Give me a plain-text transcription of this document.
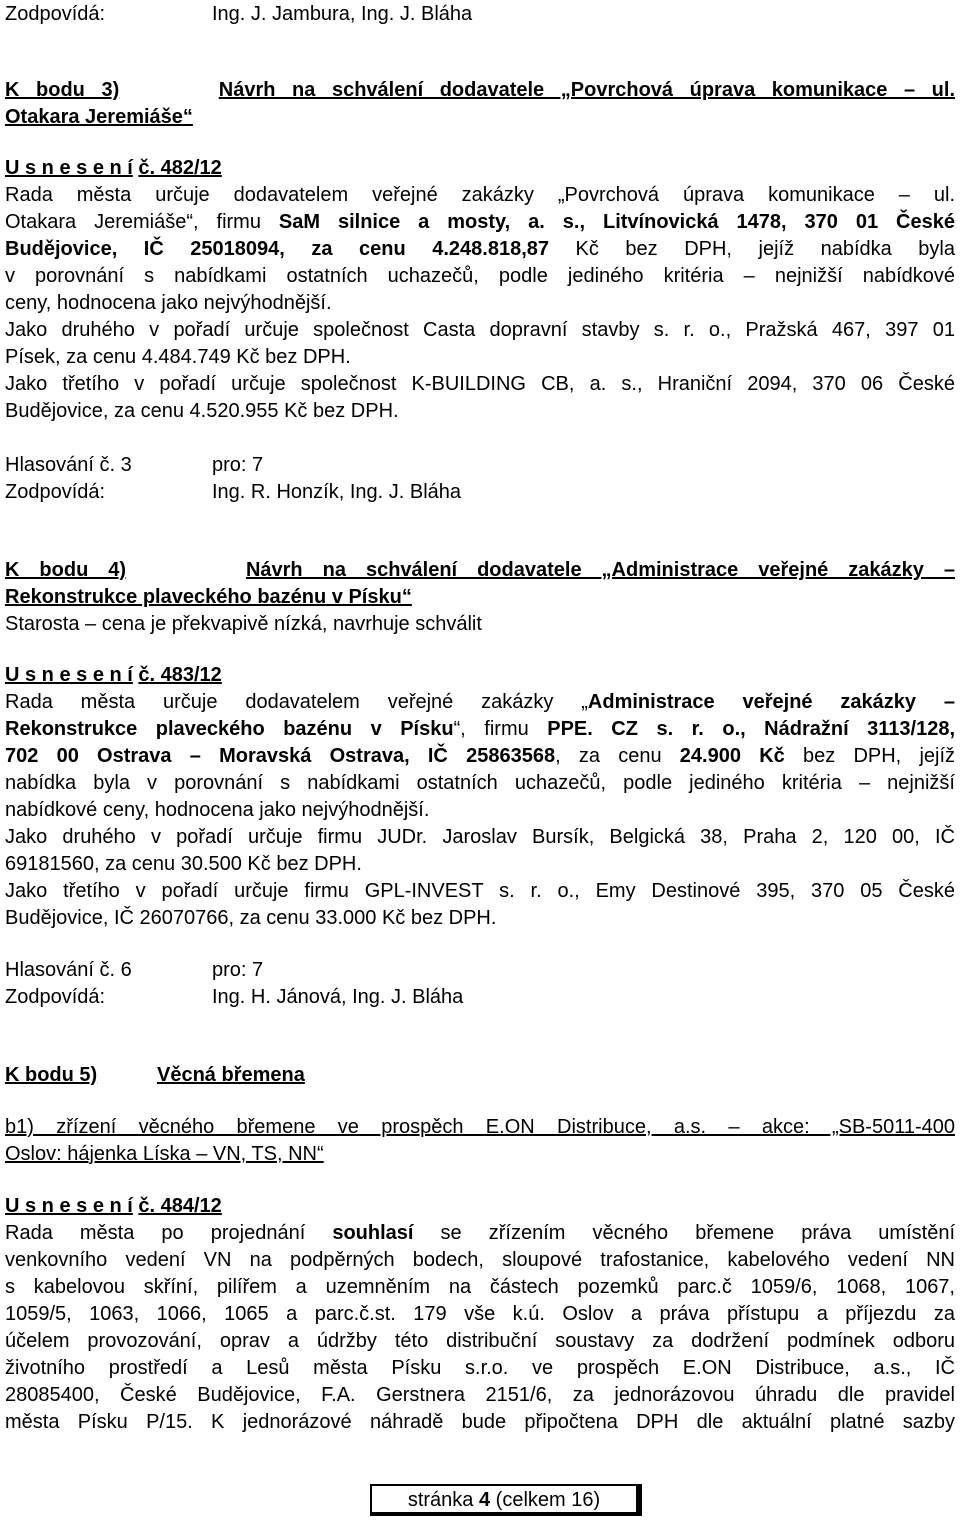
Zodpovídá:	Ing. J. Jambura, Ing. J. Bláha
K bodu 3)	Návrh na schválení dodavatele „Povrchová úprava komunikace – ul.
Otakara Jeremiáše“
U s n e s e n í č. 482/12
Rada města určuje dodavatelem veřejné zakázky „Povrchová úprava komunikace – ul.
Otakara Jeremiáše“, firmu SaM silnice a mosty, a. s., Litvínovická 1478, 370 01 České
Budějovice, IČ 25018094, za cenu 4.248.818,87 Kč bez DPH, jejíž nabídka byla
v porovnání s nabídkami ostatních uchazečů, podle jediného kritéria – nejnižší nabídkové
ceny, hodnocena jako nejvýhodnější.
Jako druhého v pořadí určuje společnost Casta dopravní stavby s. r. o., Pražská 467, 397 01
Písek, za cenu 4.484.749 Kč bez DPH.
Jako třetího v pořadí určuje společnost K-BUILDING CB, a. s., Hraniční 2094, 370 06 České
Budějovice, za cenu 4.520.955 Kč bez DPH.
Hlasování č. 3	pro: 7
Zodpovídá:	Ing. R. Honzík, Ing. J. Bláha
K bodu 4)	Návrh na schválení dodavatele „Administrace veřejné zakázky –
Rekonstrukce plaveckého bazénu v Písku“
Starosta – cena je překvapivě nízká, navrhuje schválit
U s n e s e n í č. 483/12
Rada města určuje dodavatelem veřejné zakázky „Administrace veřejné zakázky –
Rekonstrukce plaveckého bazénu v Písku“, firmu PPE. CZ s. r. o., Nádražní 3113/128,
702 00 Ostrava – Moravská Ostrava, IČ 25863568, za cenu 24.900 Kč bez DPH, jejíž
nabídka byla v porovnání s nabídkami ostatních uchazečů, podle jediného kritéria – nejnižší
nabídkové ceny, hodnocena jako nejvýhodnější.
Jako druhého v pořadí určuje firmu JUDr. Jaroslav Bursík, Belgická 38, Praha 2, 120 00, IČ
69181560, za cenu 30.500 Kč bez DPH.
Jako třetího v pořadí určuje firmu GPL-INVEST s. r. o., Emy Destinové 395, 370 05 České
Budějovice, IČ 26070766, za cenu 33.000 Kč bez DPH.
Hlasování č. 6	pro: 7
Zodpovídá:	Ing. H. Jánová, Ing. J. Bláha
K bodu 5)	Věcná břemena
b1) zřízení věcného břemene ve prospěch E.ON Distribuce, a.s. – akce: „SB-5011-400
Oslov: hájenka Líska – VN, TS, NN“
U s n e s e n í č. 484/12
Rada města po projednání souhlasí se zřízením věcného břemene práva umístění
venkovního vedení VN na podpěrných bodech, sloupové trafostanice, kabelového vedení NN
s kabelovou skříní, pilířem a uzemněním na částech pozemků parc.č 1059/6, 1068, 1067,
1059/5, 1063, 1066, 1065 a parc.č.st. 179 vše k.ú. Oslov a práva přístupu a příjezdu za
účelem provozování, oprav a údržby této distribuční soustavy za dodržení podmínek odboru
životního prostředí a Lesů města Písku s.r.o. ve prospěch E.ON Distribuce, a.s., IČ
28085400, České Budějovice, F.A. Gerstnera 2151/6, za jednorázovou úhradu dle pravidel
města Písku P/15. K jednorázové náhradě bude připočtena DPH dle aktuální platné sazby
stránka 4 (celkem 16)
